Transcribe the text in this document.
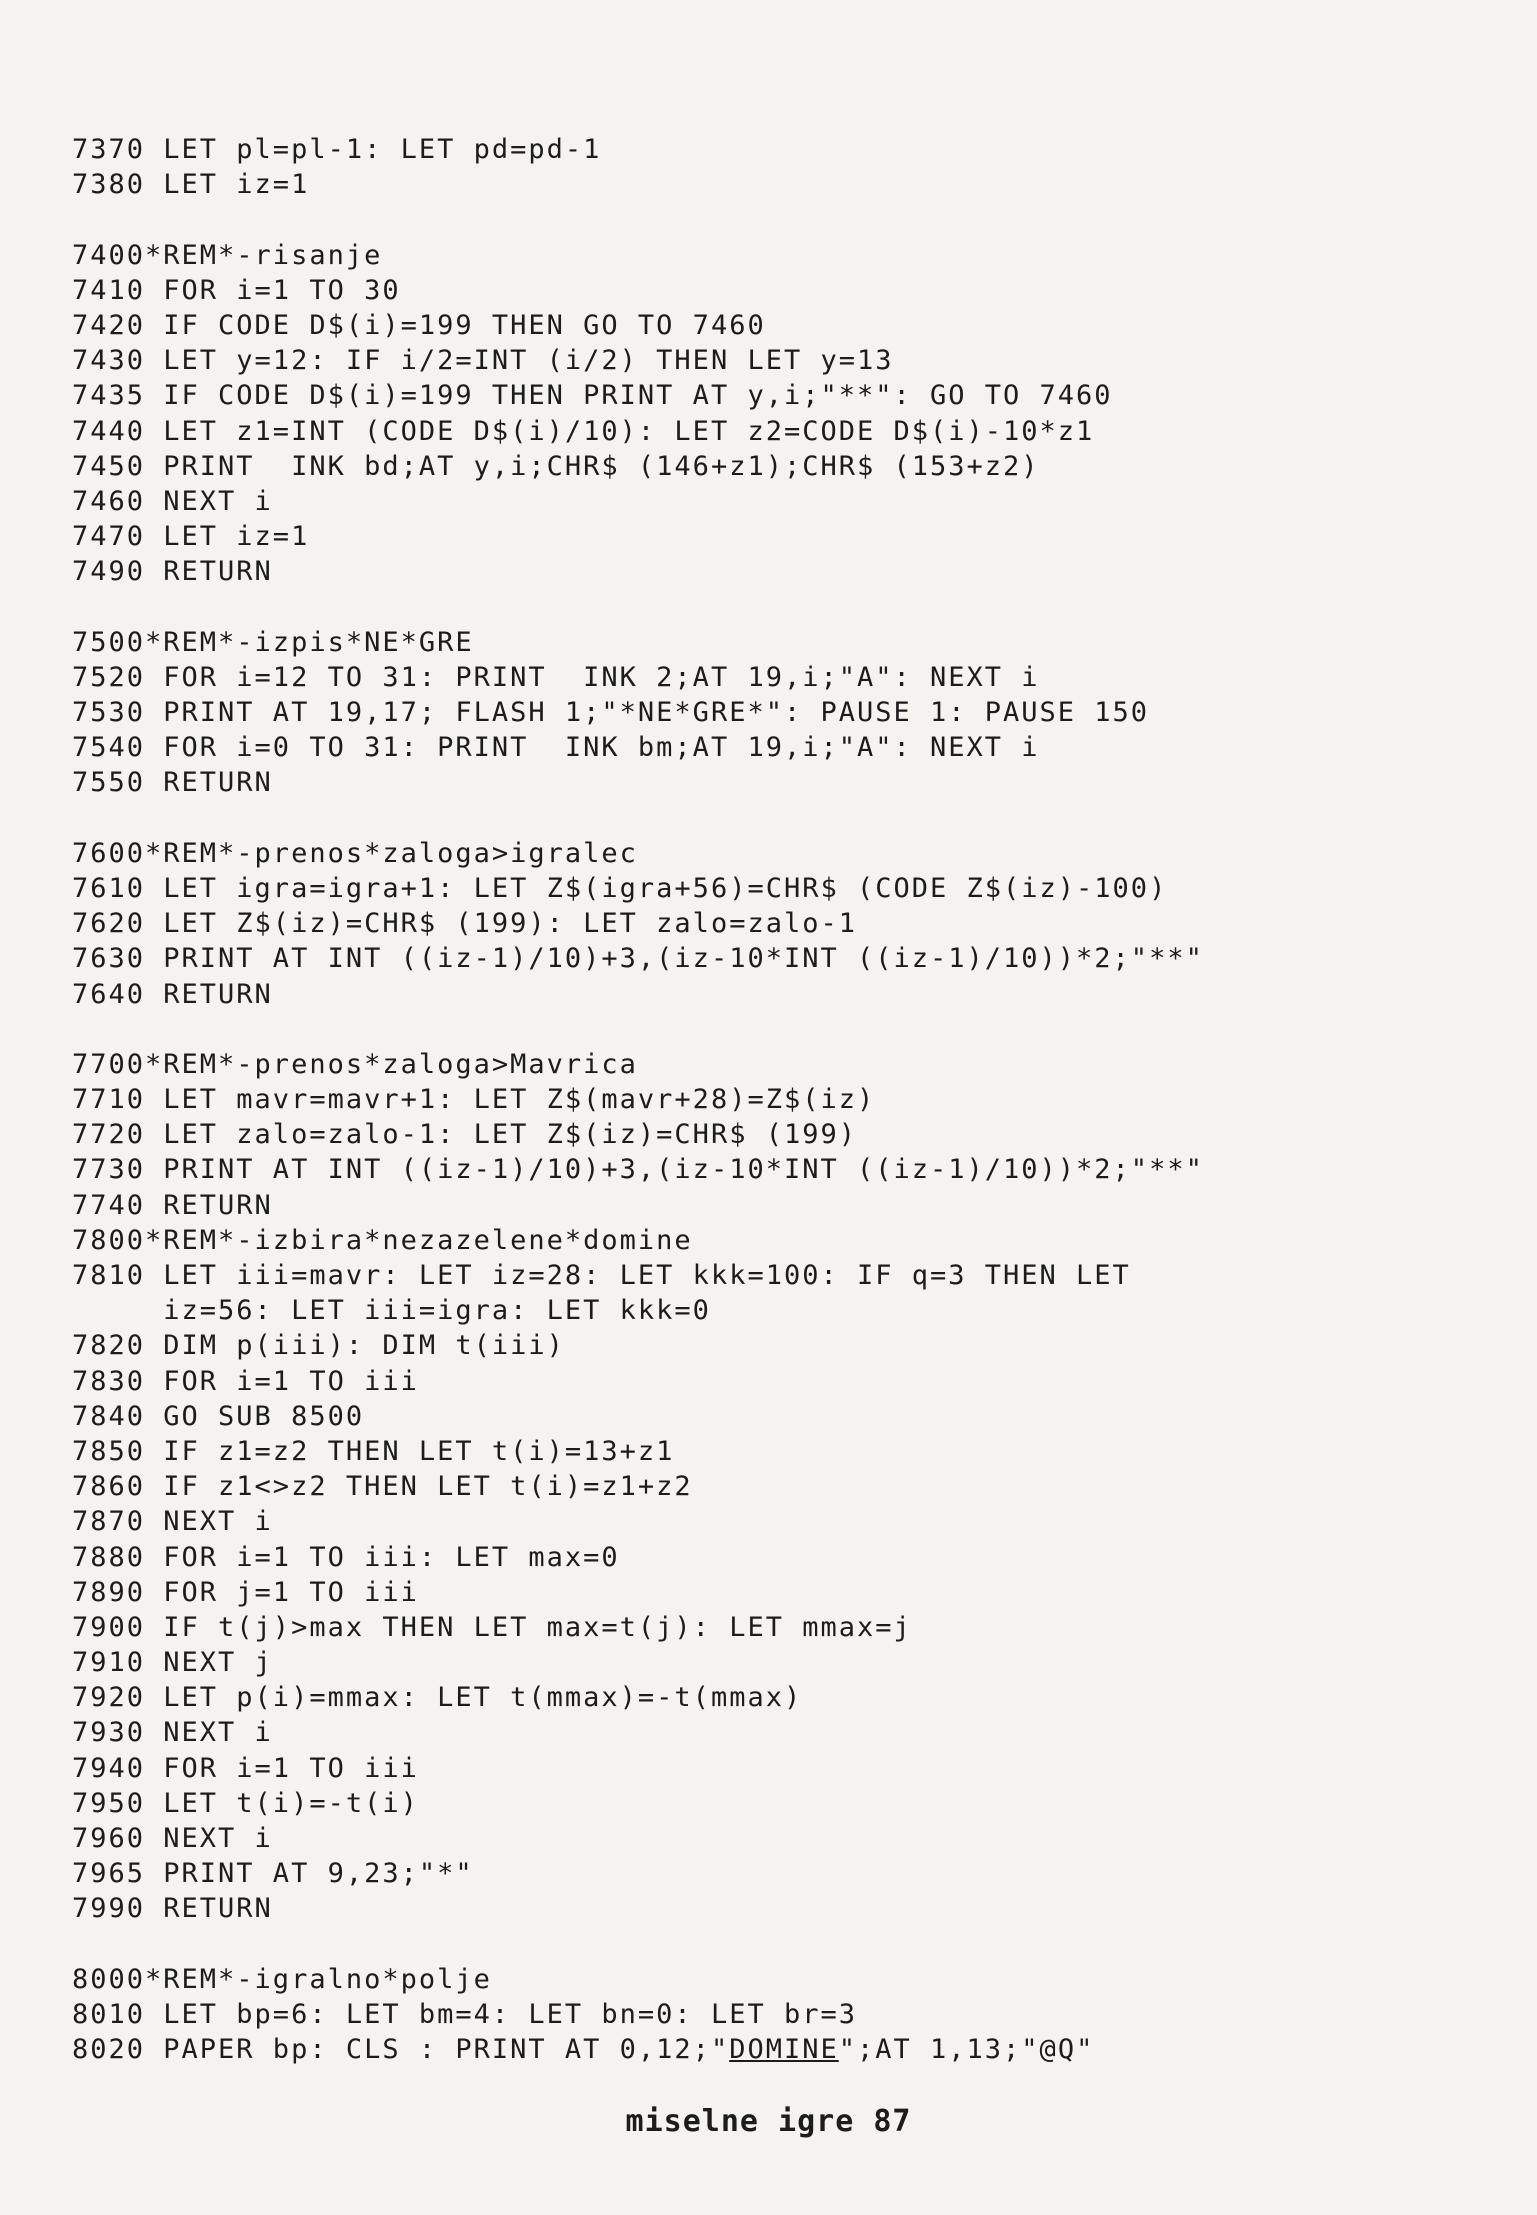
7370 LET pl=pl-1: LET pd=pd-1
7380 LET iz=1
7400*REM*-risanje
7410 FOR i=1 TO 30
7420 IF CODE D$(i)=199 THEN GO TO 7460
7430 LET y=12: IF i/2=INT (i/2) THEN LET y=13
7435 IF CODE D$(i)=199 THEN PRINT AT y,i;"**": GO TO 7460
7440 LET z1=INT (CODE D$(i)/10): LET z2=CODE D$(i)-10*z1
7450 PRINT  INK bd;AT y,i;CHR$ (146+z1);CHR$ (153+z2)
7460 NEXT i
7470 LET iz=1
7490 RETURN
7500*REM*-izpis*NE*GRE
7520 FOR i=12 TO 31: PRINT  INK 2;AT 19,i;"A": NEXT i
7530 PRINT AT 19,17; FLASH 1;"*NE*GRE*": PAUSE 1: PAUSE 150
7540 FOR i=0 TO 31: PRINT  INK bm;AT 19,i;"A": NEXT i
7550 RETURN
7600*REM*-prenos*zaloga>igralec
7610 LET igra=igra+1: LET Z$(igra+56)=CHR$ (CODE Z$(iz)-100)
7620 LET Z$(iz)=CHR$ (199): LET zalo=zalo-1
7630 PRINT AT INT ((iz-1)/10)+3,(iz-10*INT ((iz-1)/10))*2;"**"
7640 RETURN
7700*REM*-prenos*zaloga>Mavrica
7710 LET mavr=mavr+1: LET Z$(mavr+28)=Z$(iz)
7720 LET zalo=zalo-1: LET Z$(iz)=CHR$ (199)
7730 PRINT AT INT ((iz-1)/10)+3,(iz-10*INT ((iz-1)/10))*2;"**"
7740 RETURN
7800*REM*-izbira*nezazelene*domine
7810 LET iii=mavr: LET iz=28: LET kkk=100: IF q=3 THEN LET
iz=56: LET iii=igra: LET kkk=0
7820 DIM p(iii): DIM t(iii)
7830 FOR i=1 TO iii
7840 GO SUB 8500
7850 IF z1=z2 THEN LET t(i)=13+z1
7860 IF z1<>z2 THEN LET t(i)=z1+z2
7870 NEXT i
7880 FOR i=1 TO iii: LET max=0
7890 FOR j=1 TO iii
7900 IF t(j)>max THEN LET max=t(j): LET mmax=j
7910 NEXT j
7920 LET p(i)=mmax: LET t(mmax)=-t(mmax)
7930 NEXT i
7940 FOR i=1 TO iii
7950 LET t(i)=-t(i)
7960 NEXT i
7965 PRINT AT 9,23;"*"
7990 RETURN
8000*REM*-igralno*polje
8010 LET bp=6: LET bm=4: LET bn=0: LET br=3
8020 PAPER bp: CLS : PRINT AT 0,12;"DOMINE";AT 1,13;"@Q"
miselne igre 87
